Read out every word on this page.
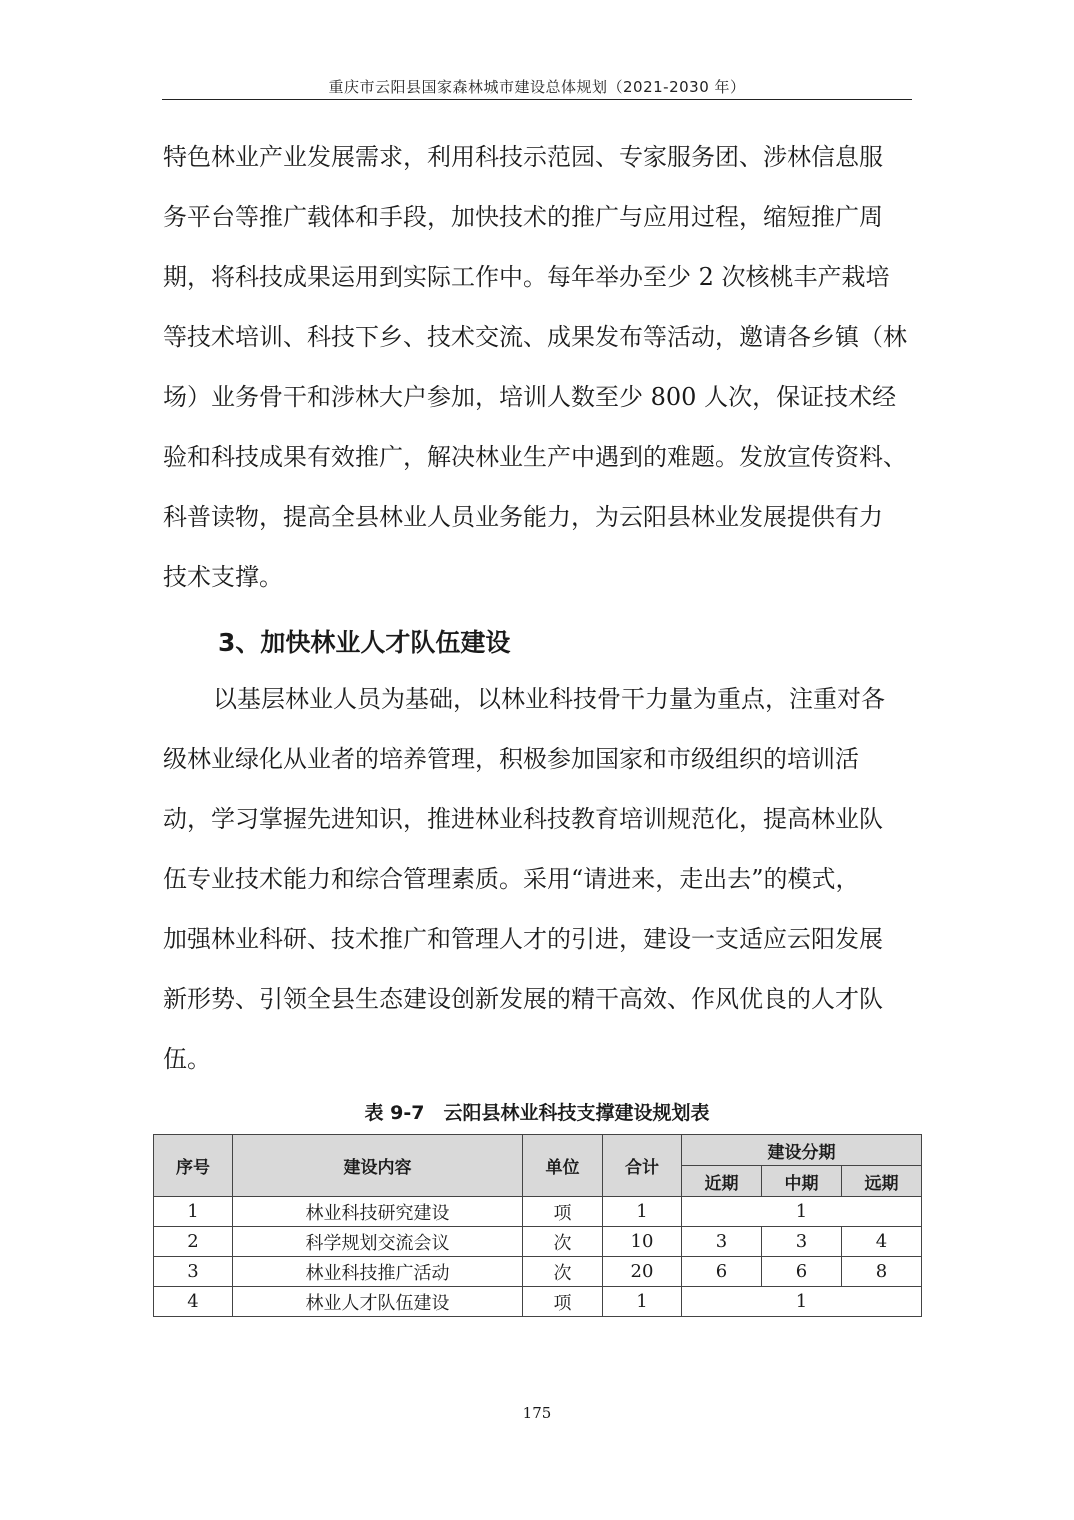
重庆市云阳县国家森林城市建设总体规划（2021-2030 年）
特色林业产业发展需求，利用科技示范园、专家服务团、涉林信息服
务平台等推广载体和手段，加快技术的推广与应用过程，缩短推广周
期，将科技成果运用到实际工作中。每年举办至少 2 次核桃丰产栽培
等技术培训、科技下乡、技术交流、成果发布等活动，邀请各乡镇（林
场）业务骨干和涉林大户参加，培训人数至少 800 人次，保证技术经
验和科技成果有效推广，解决林业生产中遇到的难题。发放宣传资料、
科普读物，提高全县林业人员业务能力，为云阳县林业发展提供有力
技术支撑。
3、加快林业人才队伍建设
以基层林业人员为基础，以林业科技骨干力量为重点，注重对各
级林业绿化从业者的培养管理，积极参加国家和市级组织的培训活
动，学习掌握先进知识，推进林业科技教育培训规范化，提高林业队
伍专业技术能力和综合管理素质。采用“请进来，走出去”的模式，
加强林业科研、技术推广和管理人才的引进，建设一支适应云阳发展
新形势、引领全县生态建设创新发展的精干高效、作风优良的人才队
伍。
表 9-7　云阳县林业科技支撑建设规划表
序号	建设内容	单位	合计	建设分期		
				近期	中期	远期
1	林业科技研究建设	项	1	1		
2	科学规划交流会议	次	10	3	3	4
3	林业科技推广活动	次	20	6	6	8
4	林业人才队伍建设	项	1	1		
175
